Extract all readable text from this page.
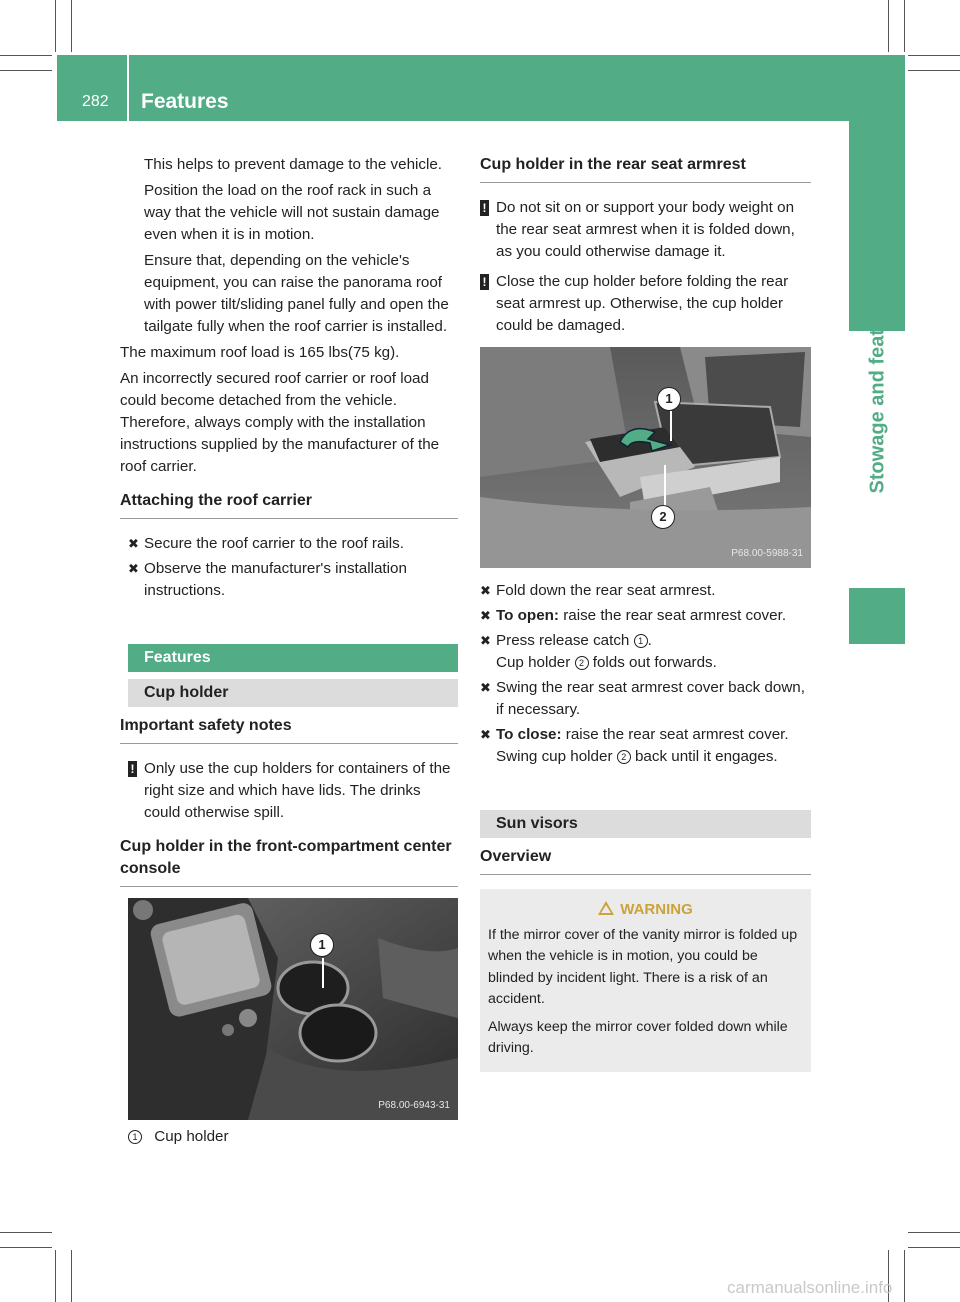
282 Features
Stowage and features

This helps to prevent damage to the vehicle.

Position the load on the roof rack in such a way that the vehicle will not sustain damage even when it is in motion.

Ensure that, depending on the vehicle's equipment, you can raise the panorama roof with power tilt/sliding panel fully and open the tailgate fully when the roof carrier is installed.

The maximum roof load is 165 lbs(75 kg).

An incorrectly secured roof carrier or roof load could become detached from the vehicle. Therefore, always comply with the installation instructions supplied by the manufacturer of the roof carrier.

Attaching the roof carrier
✖ Secure the roof carrier to the roof rails.
✖ Observe the manufacturer's installation instructions.
Features
Cup holder
Important safety notes
! Only use the cup holders for containers of the right size and which have lids. The drinks could otherwise spill.
Cup holder in the front-compartment center console
1
P68.00-6943-31
1 Cup holder
Cup holder in the rear seat armrest
! Do not sit on or support your body weight on the rear seat armrest when it is folded down, as you could otherwise damage it.
! Close the cup holder before folding the rear seat armrest up. Otherwise, the cup holder could be damaged.
1
2
P68.00-5988-31
✖ Fold down the rear seat armrest.
✖ To open: raise the rear seat armrest cover.
✖ Press release catch 1 .
Cup holder 2 folds out forwards.
✖ Swing the rear seat armrest cover back down, if necessary.
✖ To close: raise the rear seat armrest cover.
Swing cup holder 2 back until it engages.
Sun visors
Overview
WARNING

If the mirror cover of the vanity mirror is folded up when the vehicle is in motion, you could be blinded by incident light. There is a risk of an accident.

Always keep the mirror cover folded down while driving.

carmanualsonline.info
